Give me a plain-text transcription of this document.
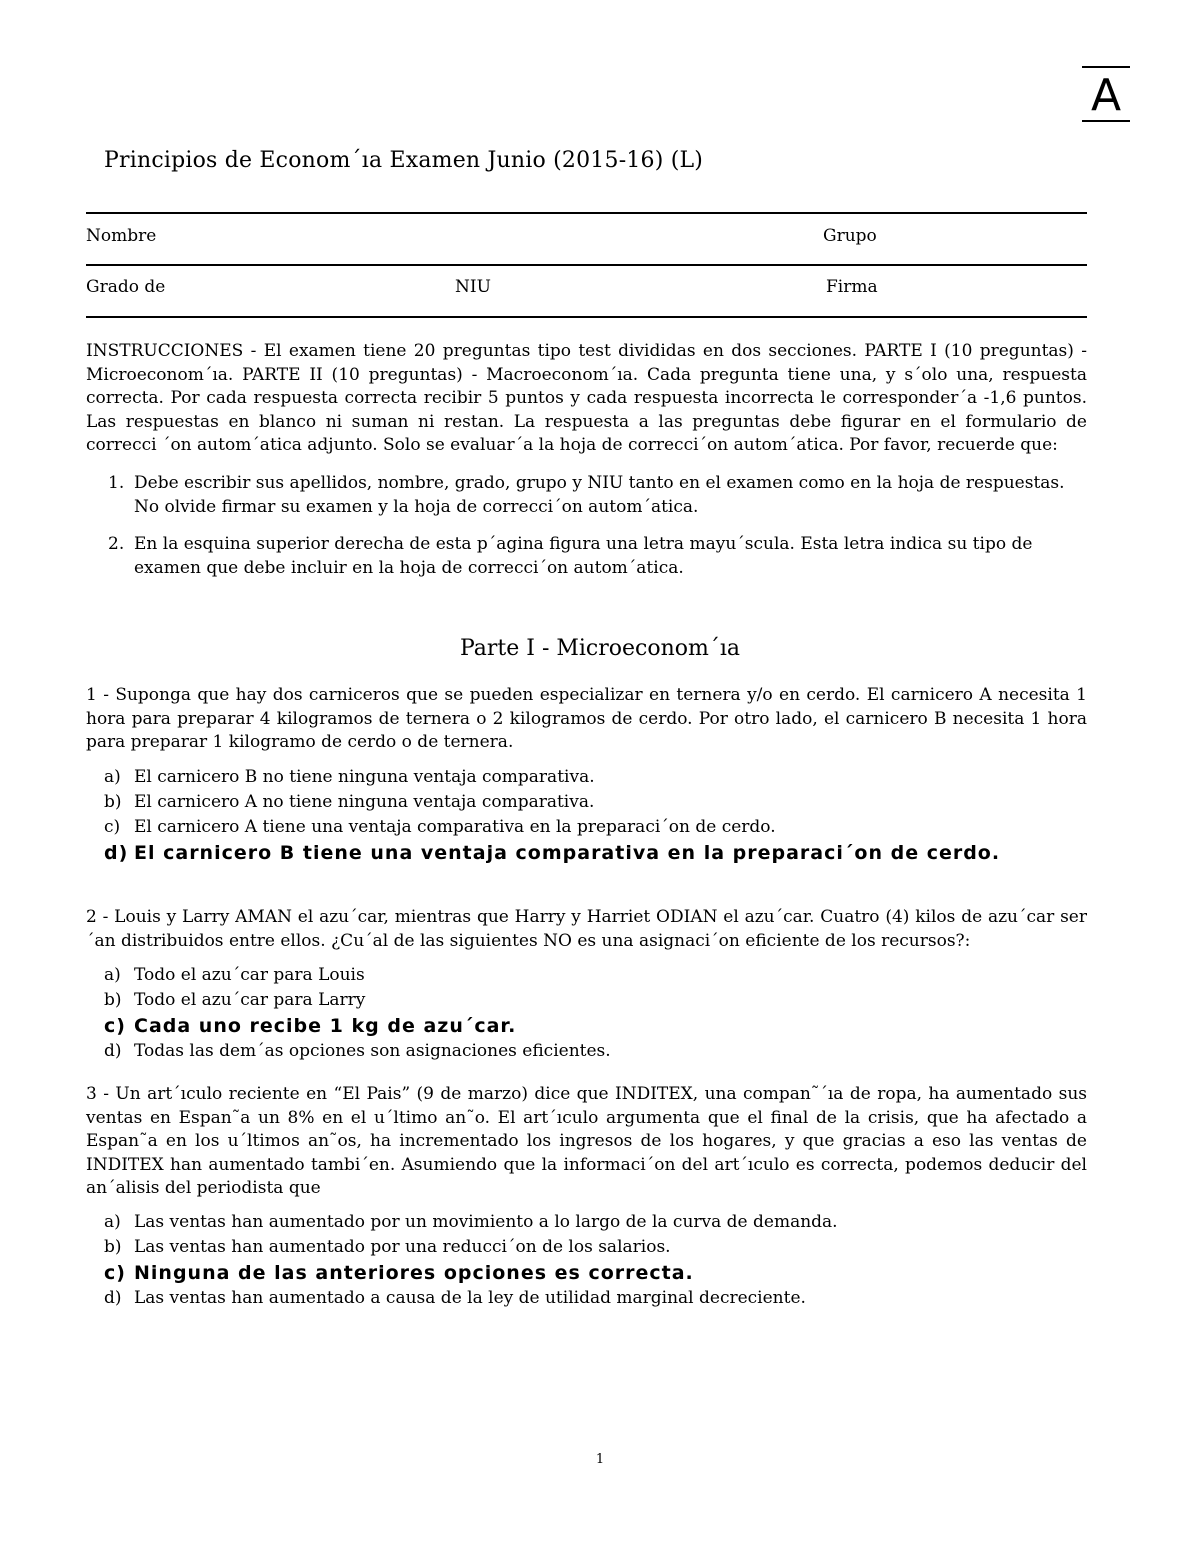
A
Principios de Econom´ıa Examen Junio (2015-16) (L)
Nombre	Grupo
Grado de	NIU	Firma
INSTRUCCIONES - El examen tiene 20 preguntas tipo test divididas en dos secciones. PARTE I (10 preguntas) - Microeconom´ıa. PARTE II (10 preguntas) - Macroeconom´ıa. Cada pregunta tiene una, y s´olo una, respuesta correcta. Por cada respuesta correcta recibir 5 puntos y cada respuesta incorrecta le corresponder´a -1,6 puntos. Las respuestas en blanco ni suman ni restan. La respuesta a las preguntas debe figurar en el formulario de correcci ´on autom´atica adjunto. Solo se evaluar´a la hoja de correcci´on autom´atica. Por favor, recuerde que:
1. Debe escribir sus apellidos, nombre, grado, grupo y NIU tanto en el examen como en la hoja de respuestas. No olvide firmar su examen y la hoja de correcci´on autom´atica.
2. En la esquina superior derecha de esta p´agina figura una letra mayu´scula. Esta letra indica su tipo de examen que debe incluir en la hoja de correcci´on autom´atica.
Parte I - Microeconom´ıa
1 - Suponga que hay dos carniceros que se pueden especializar en ternera y/o en cerdo. El carnicero A necesita 1 hora para preparar 4 kilogramos de ternera o 2 kilogramos de cerdo. Por otro lado, el carnicero B necesita 1 hora para preparar 1 kilogramo de cerdo o de ternera.
a) El carnicero B no tiene ninguna ventaja comparativa.
b) El carnicero A no tiene ninguna ventaja comparativa.
c) El carnicero A tiene una ventaja comparativa en la preparaci´on de cerdo.
d) El carnicero B tiene una ventaja comparativa en la preparaci´on de cerdo.
2 - Louis y Larry AMAN el azu´car, mientras que Harry y Harriet ODIAN el azu´car. Cuatro (4) kilos de azu´car ser´an distribuidos entre ellos. ¿Cu´al de las siguientes NO es una asignaci´on eficiente de los recursos?:
a) Todo el azu´car para Louis
b) Todo el azu´car para Larry
c) Cada uno recibe 1 kg de azu´car.
d) Todas las dem´as opciones son asignaciones eficientes.
3 - Un art´ıculo reciente en “El Pais” (9 de marzo) dice que INDITEX, una compan˜´ıa de ropa, ha aumentado sus ventas en Espan˜a un 8% en el u´ltimo an˜o. El art´ıculo argumenta que el final de la crisis, que ha afectado a Espan˜a en los u´ltimos an˜os, ha incrementado los ingresos de los hogares, y que gracias a eso las ventas de INDITEX han aumentado tambi´en. Asumiendo que la informaci´on del art´ıculo es correcta, podemos deducir del an´alisis del periodista que
a) Las ventas han aumentado por un movimiento a lo largo de la curva de demanda.
b) Las ventas han aumentado por una reducci´on de los salarios.
c) Ninguna de las anteriores opciones es correcta.
d) Las ventas han aumentado a causa de la ley de utilidad marginal decreciente.
1
